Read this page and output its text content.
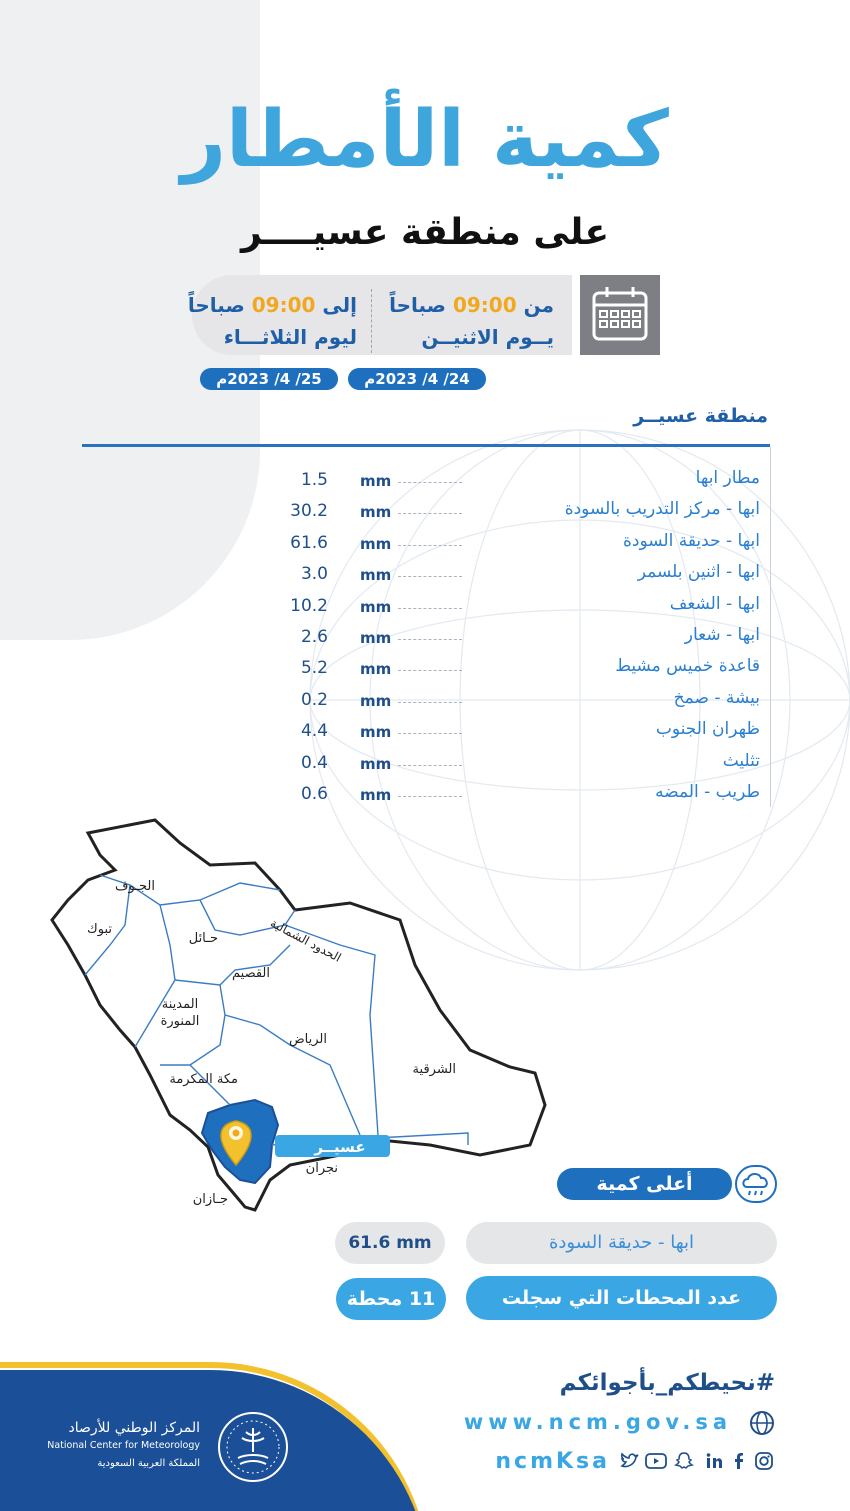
كمية الأمطار
على منطقة عسيــــر
من 09:00 صباحاً
يــوم الاثنيــن
إلى 09:00 صباحاً
ليوم الثلاثـــاء
24/ 4/ 2023م
25/ 4/ 2023م
منطقة عسيــر
مطار ابها
mm
1.5
ابها - مركز التدريب بالسودة
mm
30.2
ابها - حديقة السودة
mm
61.6
ابها - اثنين بلسمر
mm
3.0
ابها - الشعف
mm
10.2
ابها - شعار
mm
2.6
قاعدة خميس مشيط
mm
5.2
بيشة - صمخ
mm
0.2
ظهران الجنوب
mm
4.4
تثليث
mm
0.4
طريب - المضه
mm
0.6
الجـوف
الحدود الشمالية
تبوك
حـائل
القصيم
المدينة
المنورة
الرياض
الشرقية
مكة المكرمة
نجران
جـازان
عسيــر
أعلى كمية
ابها - حديقة السودة
61.6 mm
عدد المحطات التي سجلت
11 محطة
المركز الوطني للأرصاد
National Center for Meteorology
المملكة العربية السعودية
#نحيطكم_بأجوائكم
www.ncm.gov.sa
ncmKsa
